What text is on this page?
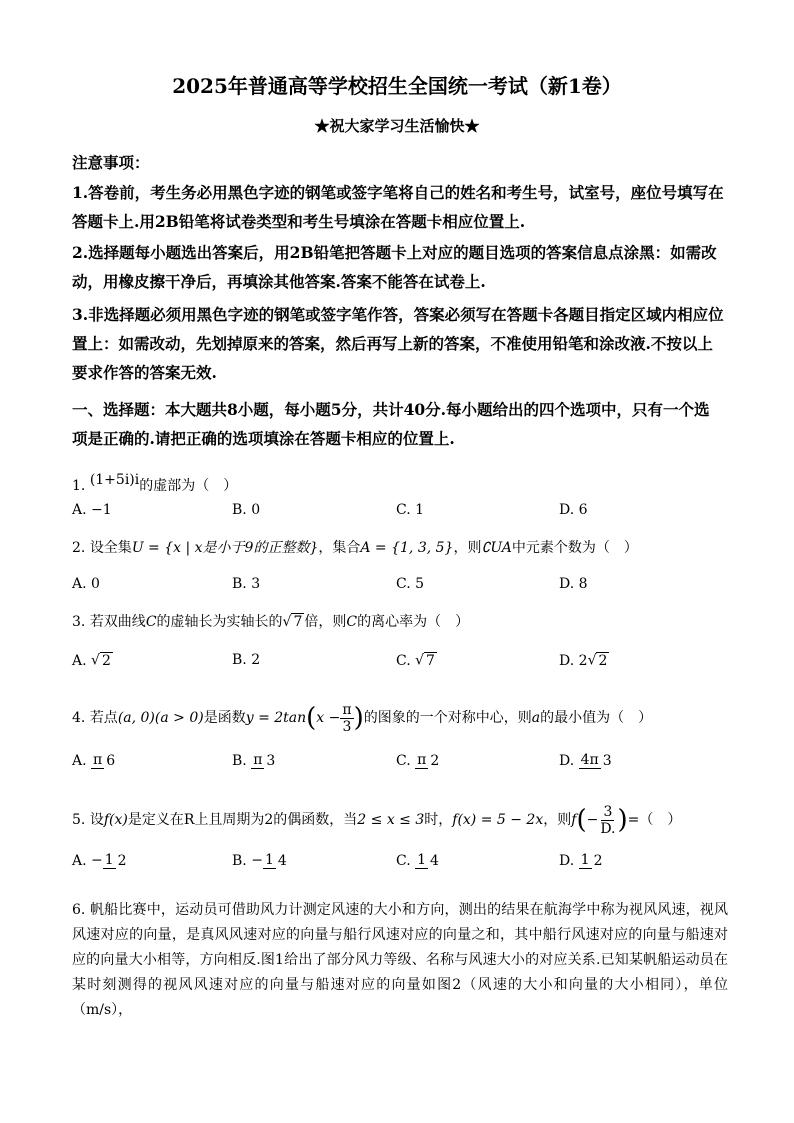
2025年普通高等学校招生全国统一考试（新1卷）
★祝大家学习生活愉快★
注意事项：
1.答卷前，考生务必用黑色字迹的钢笔或签字笔将自己的姓名和考生号，试室号，座位号填写在答题卡上.用2B铅笔将试卷类型和考生号填涂在答题卡相应位置上.
2.选择题每小题选出答案后，用2B铅笔把答题卡上对应的题目选项的答案信息点涂黑：如需改动，用橡皮擦干净后，再填涂其他答案.答案不能答在试卷上.
3.非选择题必须用黑色字迹的钢笔或签字笔作答，答案必须写在答题卡各题目指定区域内相应位置上：如需改动，先划掉原来的答案，然后再写上新的答案，不准使用铅笔和涂改液.不按以上要求作答的答案无效.
一、选择题：本大题共8小题，每小题5分，共计40分.每小题给出的四个选项中，只有一个选项是正确的.请把正确的选项填涂在答题卡相应的位置上.
1. (1+5i)i的虚部为（　）
A. −1	B. 0	C. 1	D. 6
2. 设全集U = {x | x是小于9的正整数}，集合A = {1, 3, 5}，则∁UA中元素个数为（　）
A. 0	B. 3	C. 5	D. 8
3. 若双曲线C的虚轴长为实轴长的√ 7 倍，则C的离心率为（　）
A. √ 2	B. 2	C. √ 7	D. 2√ 2
4. 若点(a, 0)(a > 0)是函数$y = 2\tan(x - \frac{\pi}{3}$ )的图象的一个对称中心，则a的最小值为（　）
A. π 6	B. π 3	C. π 2	D. 4π 3
5. 设f(x)是定义在R上且周期为2的偶函数，当2 ≤ x ≤ 3时，f(x) = 5 − 2x，则$f(- \frac{3}{D.}$ )=（　）
A. − 1 2	B. − 1 4	C. 1 4	D. 1 2
6. 帆船比赛中，运动员可借助风力计测定风速的大小和方向，测出的结果在航海学中称为视风风速，视风风速对应的向量，是真风风速对应的向量与船行风速对应的向量之和，其中船行风速对应的向量与船速对应的向量大小相等，方向相反.图1给出了部分风力等级、名称与风速大小的对应关系.已知某帆船运动员在某时刻测得的视风风速对应的向量与船速对应的向量如图2（风速的大小和向量的大小相同），单位（m/s），
